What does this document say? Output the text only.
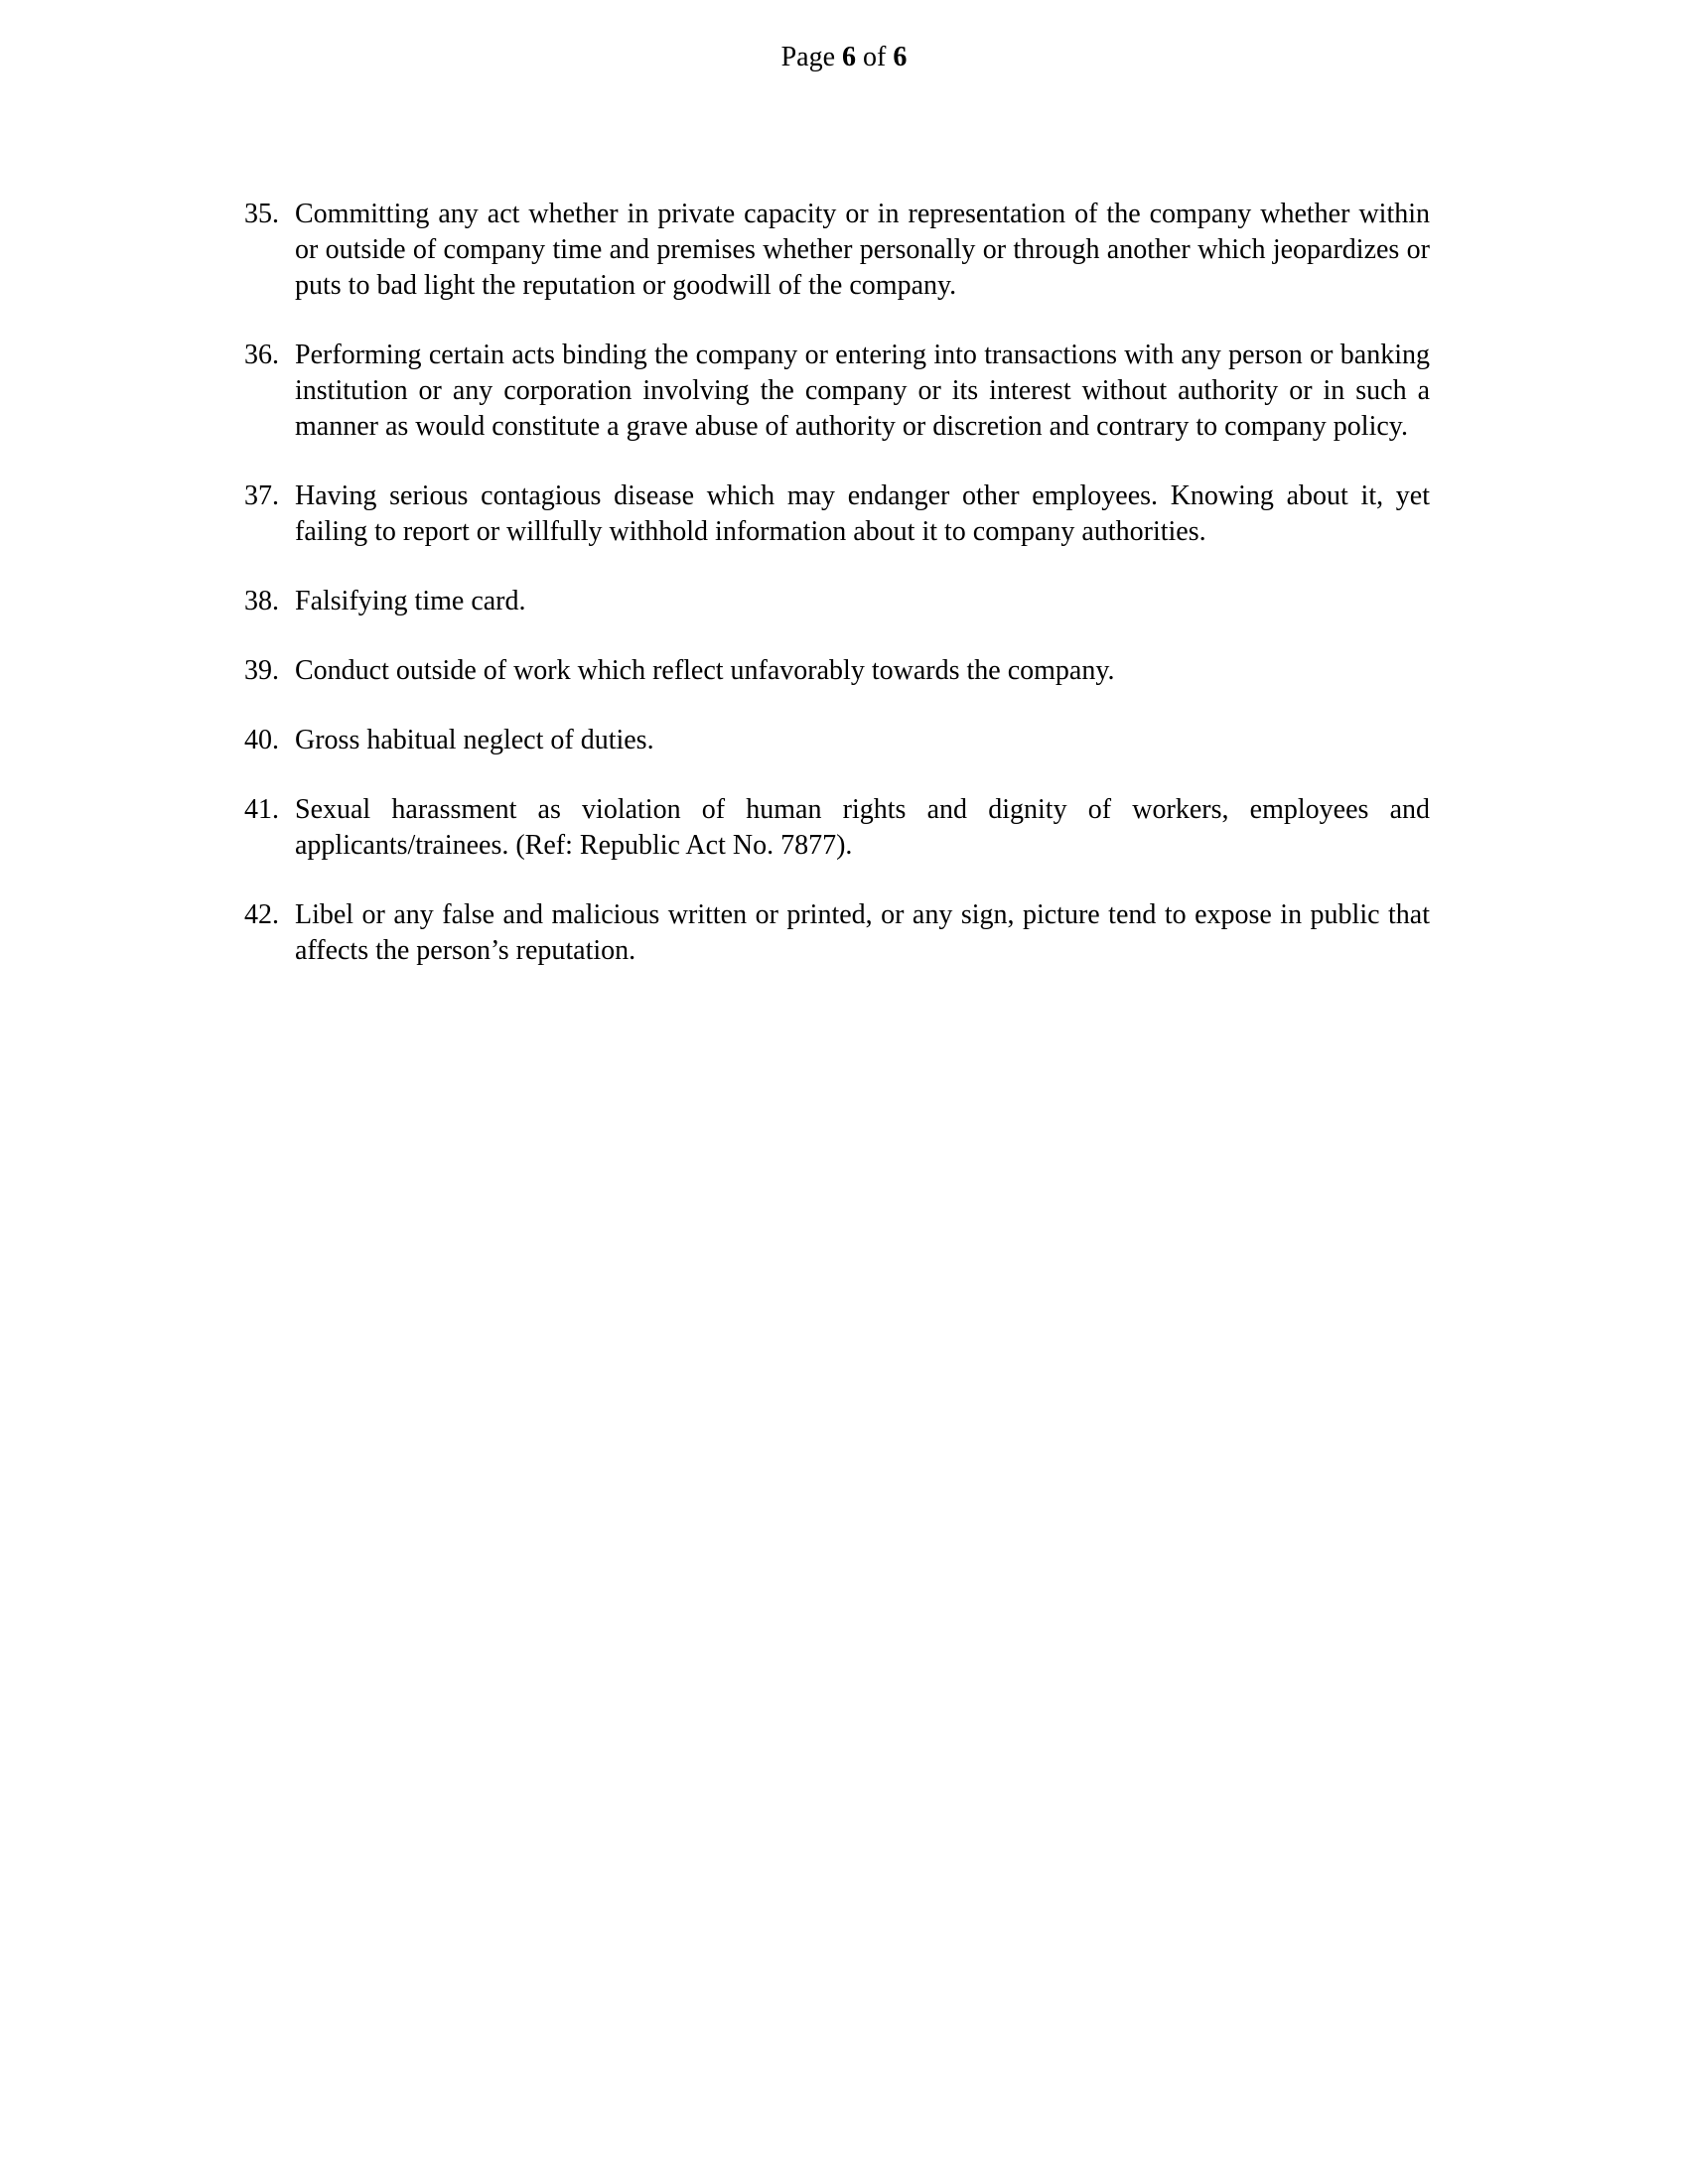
Page 6 of 6
35. Committing any act whether in private capacity or in representation of the company whether within or outside of company time and premises whether personally or through another which jeopardizes or puts to bad light the reputation or goodwill of the company.
36. Performing certain acts binding the company or entering into transactions with any person or banking institution or any corporation involving the company or its interest without authority or in such a manner as would constitute a grave abuse of authority or discretion and contrary to company policy.
37. Having serious contagious disease which may endanger other employees. Knowing about it, yet failing to report or willfully withhold information about it to company authorities.
38. Falsifying time card.
39. Conduct outside of work which reflect unfavorably towards the company.
40. Gross habitual neglect of duties.
41. Sexual harassment as violation of human rights and dignity of workers, employees and applicants/trainees. (Ref: Republic Act No. 7877).
42. Libel or any false and malicious written or printed, or any sign, picture tend to expose in public that affects the person’s reputation.
